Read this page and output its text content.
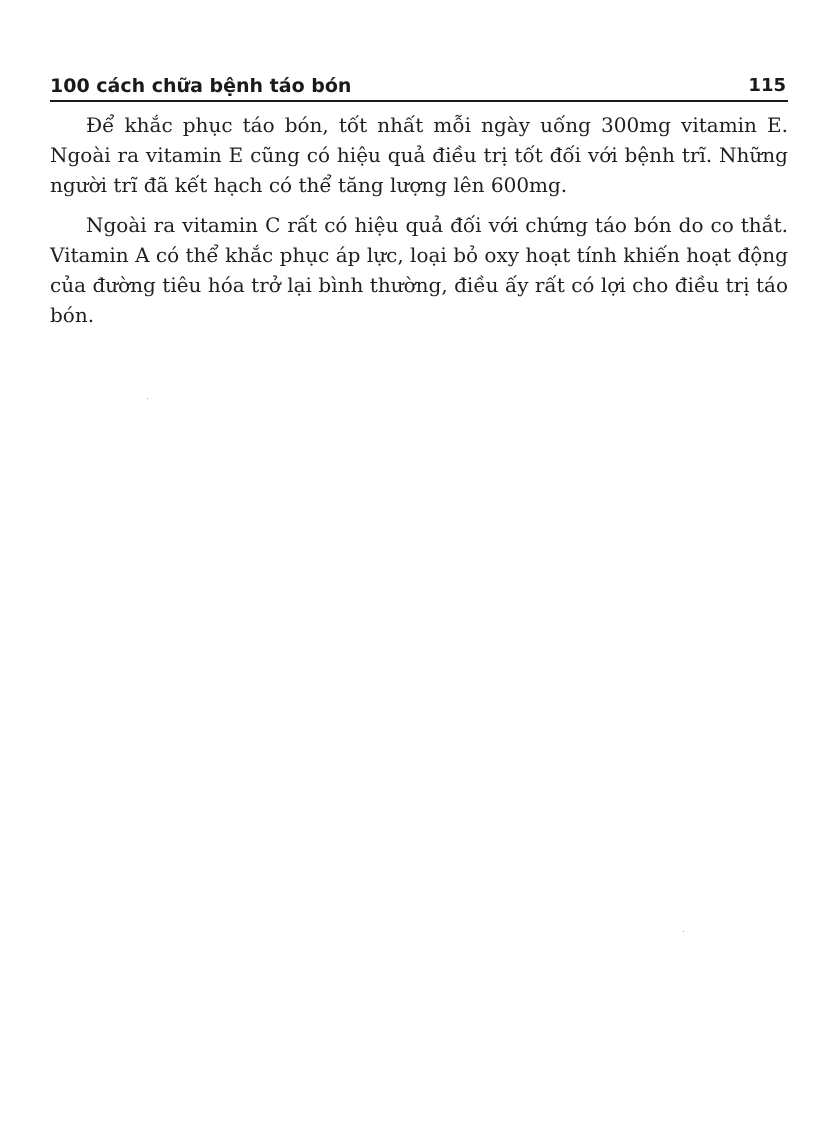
100 cách chữa bệnh táo bón	115

Để khắc phục táo bón, tốt nhất mỗi ngày uống 300mg vitamin E. Ngoài ra vitamin E cũng có hiệu quả điều trị tốt đối với bệnh trĩ. Những người trĩ đã kết hạch có thể tăng lượng lên 600mg.

Ngoài ra vitamin C rất có hiệu quả đối với chứng táo bón do co thắt. Vitamin A có thể khắc phục áp lực, loại bỏ oxy hoạt tính khiến hoạt động của đường tiêu hóa trở lại bình thường, điều ấy rất có lợi cho điều trị táo bón.
